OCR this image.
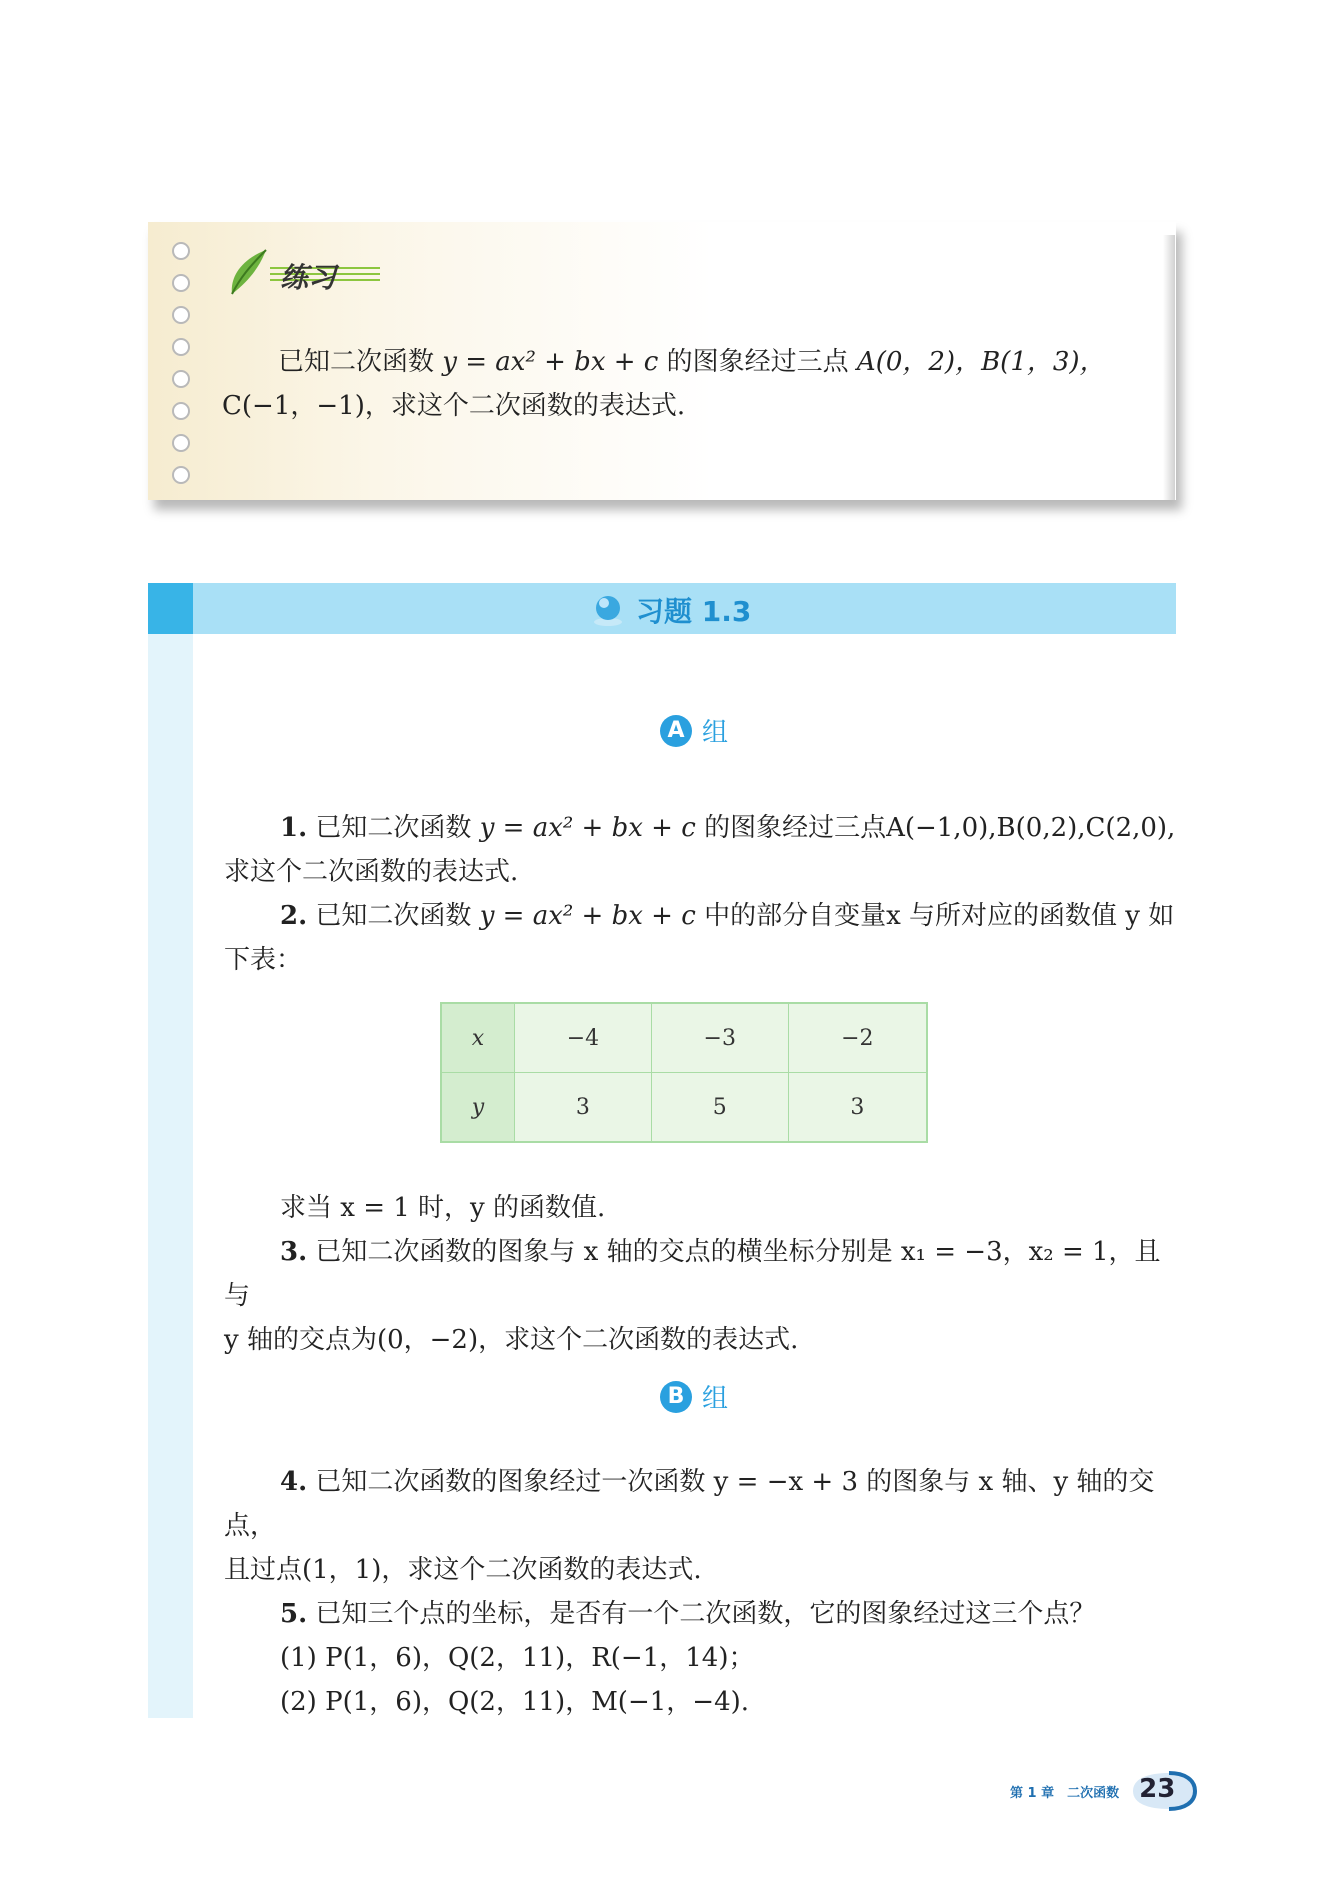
练习

已知二次函数 y = ax² + bx + c 的图象经过三点 A(0，2)，B(1，3)，

C(−1，−1)，求这个二次函数的表达式.

习题 1.3
A 组

1. 已知二次函数 y = ax² + bx + c 的图象经过三点A(−1,0),B(0,2),C(2,0),

求这个二次函数的表达式.

2. 已知二次函数 y = ax² + bx + c 中的部分自变量x 与所对应的函数值 y 如

下表：

x	−4	−3	−2
y	3	5	3

求当 x = 1 时，y 的函数值.

3. 已知二次函数的图象与 x 轴的交点的横坐标分别是 x₁ = −3，x₂ = 1，且与

y 轴的交点为(0，−2)，求这个二次函数的表达式.

B 组

4. 已知二次函数的图象经过一次函数 y = −x + 3 的图象与 x 轴、y 轴的交点，

且过点(1，1)，求这个二次函数的表达式.

5. 已知三个点的坐标，是否有一个二次函数，它的图象经过这三个点？

(1) P(1，6)，Q(2，11)，R(−1，14)；

(2) P(1，6)，Q(2，11)，M(−1，−4).

第 1 章　二次函数 23
